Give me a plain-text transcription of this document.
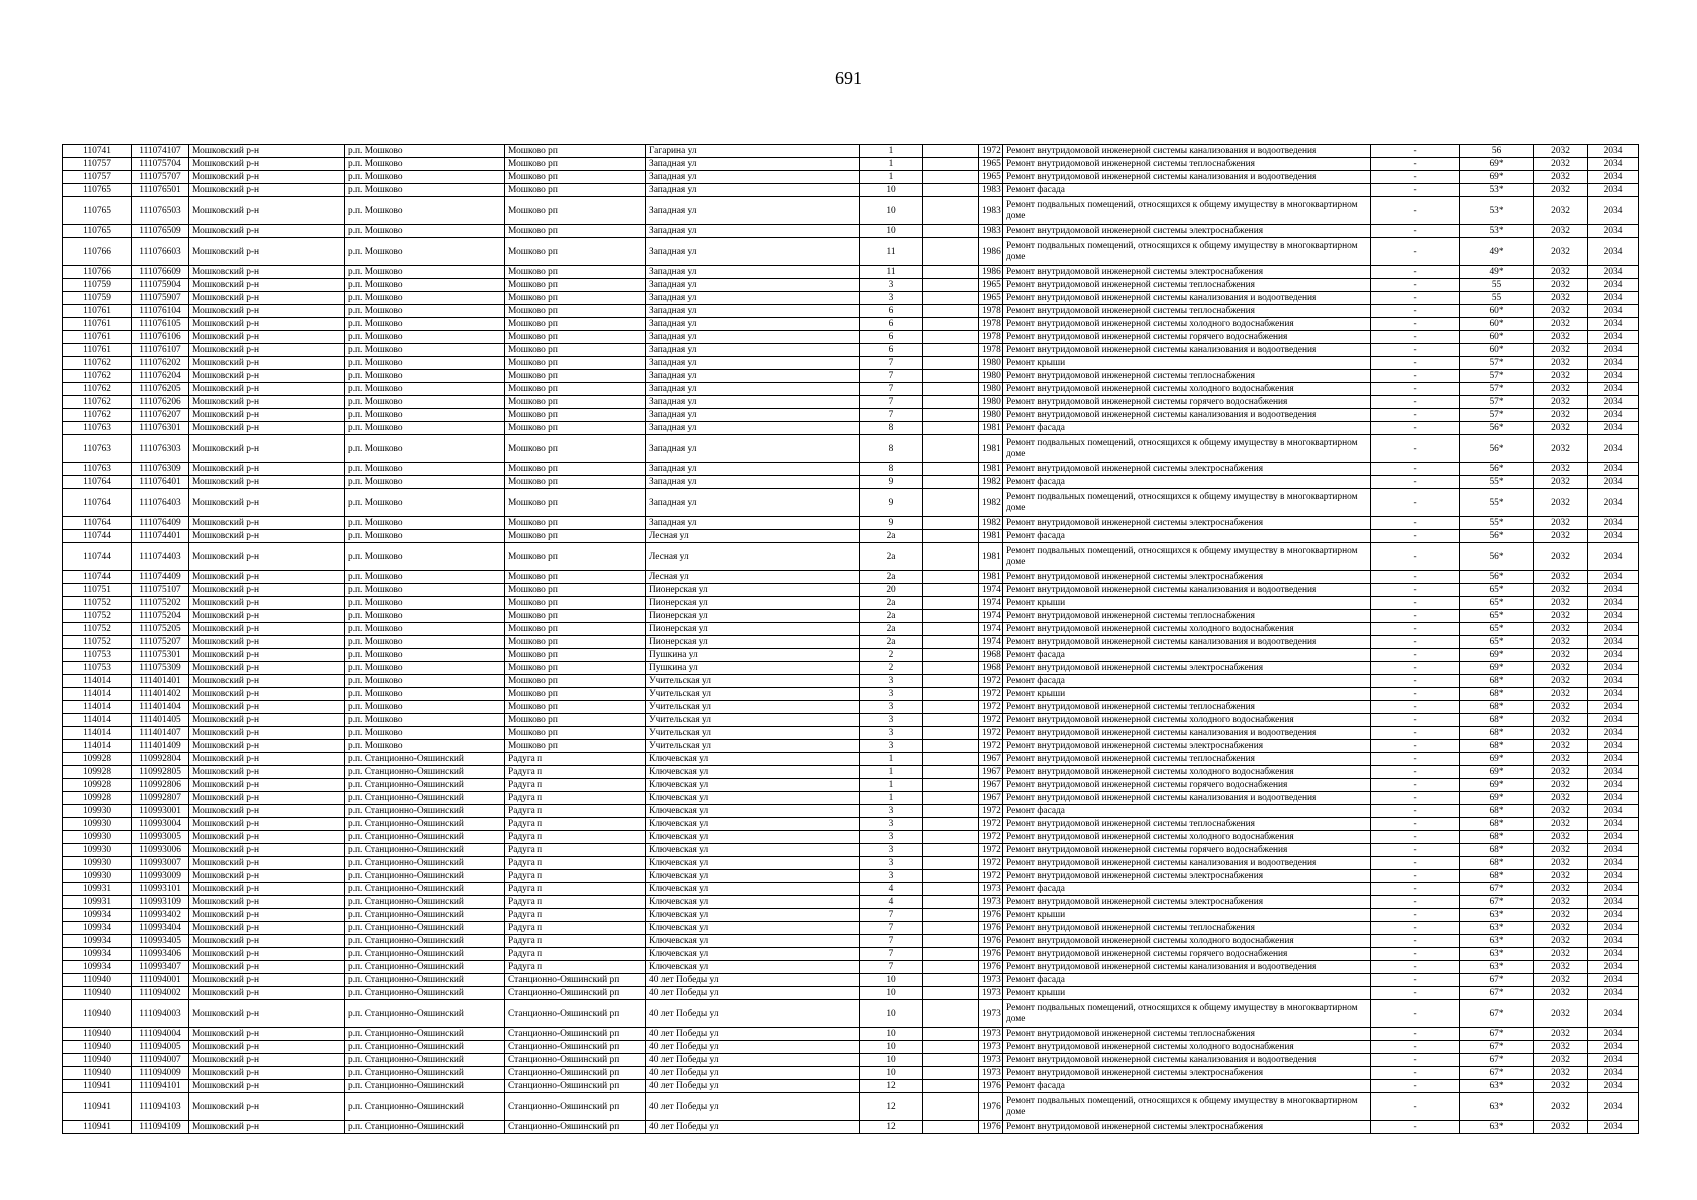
691
110741	111074107	Мошковский р-н	р.п. Мошково	Мошково рп	Гагарина ул	1		1972	Ремонт внутридомовой инженерной системы канализования и водоотведения	-	56	2032	2034
110757	111075704	Мошковский р-н	р.п. Мошково	Мошково рп	Западная ул	1		1965	Ремонт внутридомовой инженерной системы теплоснабжения	-	69*	2032	2034
110757	111075707	Мошковский р-н	р.п. Мошково	Мошково рп	Западная ул	1		1965	Ремонт внутридомовой инженерной системы канализования и водоотведения	-	69*	2032	2034
110765	111076501	Мошковский р-н	р.п. Мошково	Мошково рп	Западная ул	10		1983	Ремонт фасада	-	53*	2032	2034
110765	111076503	Мошковский р-н	р.п. Мошково	Мошково рп	Западная ул	10		1983	Ремонт подвальных помещений, относящихся к общему имуществу в многоквартирном доме	-	53*	2032	2034
110765	111076509	Мошковский р-н	р.п. Мошково	Мошково рп	Западная ул	10		1983	Ремонт внутридомовой инженерной системы электроснабжения	-	53*	2032	2034
110766	111076603	Мошковский р-н	р.п. Мошково	Мошково рп	Западная ул	11		1986	Ремонт подвальных помещений, относящихся к общему имуществу в многоквартирном доме	-	49*	2032	2034
110766	111076609	Мошковский р-н	р.п. Мошково	Мошково рп	Западная ул	11		1986	Ремонт внутридомовой инженерной системы электроснабжения	-	49*	2032	2034
110759	111075904	Мошковский р-н	р.п. Мошково	Мошково рп	Западная ул	3		1965	Ремонт внутридомовой инженерной системы теплоснабжения	-	55	2032	2034
110759	111075907	Мошковский р-н	р.п. Мошково	Мошково рп	Западная ул	3		1965	Ремонт внутридомовой инженерной системы канализования и водоотведения	-	55	2032	2034
110761	111076104	Мошковский р-н	р.п. Мошково	Мошково рп	Западная ул	6		1978	Ремонт внутридомовой инженерной системы теплоснабжения	-	60*	2032	2034
110761	111076105	Мошковский р-н	р.п. Мошково	Мошково рп	Западная ул	6		1978	Ремонт внутридомовой инженерной системы холодного водоснабжения	-	60*	2032	2034
110761	111076106	Мошковский р-н	р.п. Мошково	Мошково рп	Западная ул	6		1978	Ремонт внутридомовой инженерной системы горячего водоснабжения	-	60*	2032	2034
110761	111076107	Мошковский р-н	р.п. Мошково	Мошково рп	Западная ул	6		1978	Ремонт внутридомовой инженерной системы канализования и водоотведения	-	60*	2032	2034
110762	111076202	Мошковский р-н	р.п. Мошково	Мошково рп	Западная ул	7		1980	Ремонт крыши	-	57*	2032	2034
110762	111076204	Мошковский р-н	р.п. Мошково	Мошково рп	Западная ул	7		1980	Ремонт внутридомовой инженерной системы теплоснабжения	-	57*	2032	2034
110762	111076205	Мошковский р-н	р.п. Мошково	Мошково рп	Западная ул	7		1980	Ремонт внутридомовой инженерной системы холодного водоснабжения	-	57*	2032	2034
110762	111076206	Мошковский р-н	р.п. Мошково	Мошково рп	Западная ул	7		1980	Ремонт внутридомовой инженерной системы горячего водоснабжения	-	57*	2032	2034
110762	111076207	Мошковский р-н	р.п. Мошково	Мошково рп	Западная ул	7		1980	Ремонт внутридомовой инженерной системы канализования и водоотведения	-	57*	2032	2034
110763	111076301	Мошковский р-н	р.п. Мошково	Мошково рп	Западная ул	8		1981	Ремонт фасада	-	56*	2032	2034
110763	111076303	Мошковский р-н	р.п. Мошково	Мошково рп	Западная ул	8		1981	Ремонт подвальных помещений, относящихся к общему имуществу в многоквартирном доме	-	56*	2032	2034
110763	111076309	Мошковский р-н	р.п. Мошково	Мошково рп	Западная ул	8		1981	Ремонт внутридомовой инженерной системы электроснабжения	-	56*	2032	2034
110764	111076401	Мошковский р-н	р.п. Мошково	Мошково рп	Западная ул	9		1982	Ремонт фасада	-	55*	2032	2034
110764	111076403	Мошковский р-н	р.п. Мошково	Мошково рп	Западная ул	9		1982	Ремонт подвальных помещений, относящихся к общему имуществу в многоквартирном доме	-	55*	2032	2034
110764	111076409	Мошковский р-н	р.п. Мошково	Мошково рп	Западная ул	9		1982	Ремонт внутридомовой инженерной системы электроснабжения	-	55*	2032	2034
110744	111074401	Мошковский р-н	р.п. Мошково	Мошково рп	Лесная ул	2а		1981	Ремонт фасада	-	56*	2032	2034
110744	111074403	Мошковский р-н	р.п. Мошково	Мошково рп	Лесная ул	2а		1981	Ремонт подвальных помещений, относящихся к общему имуществу в многоквартирном доме	-	56*	2032	2034
110744	111074409	Мошковский р-н	р.п. Мошково	Мошково рп	Лесная ул	2а		1981	Ремонт внутридомовой инженерной системы электроснабжения	-	56*	2032	2034
110751	111075107	Мошковский р-н	р.п. Мошково	Мошково рп	Пионерская ул	20		1974	Ремонт внутридомовой инженерной системы канализования и водоотведения	-	65*	2032	2034
110752	111075202	Мошковский р-н	р.п. Мошково	Мошково рп	Пионерская ул	2а		1974	Ремонт крыши	-	65*	2032	2034
110752	111075204	Мошковский р-н	р.п. Мошково	Мошково рп	Пионерская ул	2а		1974	Ремонт внутридомовой инженерной системы теплоснабжения	-	65*	2032	2034
110752	111075205	Мошковский р-н	р.п. Мошково	Мошково рп	Пионерская ул	2а		1974	Ремонт внутридомовой инженерной системы холодного водоснабжения	-	65*	2032	2034
110752	111075207	Мошковский р-н	р.п. Мошково	Мошково рп	Пионерская ул	2а		1974	Ремонт внутридомовой инженерной системы канализования и водоотведения	-	65*	2032	2034
110753	111075301	Мошковский р-н	р.п. Мошково	Мошково рп	Пушкина ул	2		1968	Ремонт фасада	-	69*	2032	2034
110753	111075309	Мошковский р-н	р.п. Мошково	Мошково рп	Пушкина ул	2		1968	Ремонт внутридомовой инженерной системы электроснабжения	-	69*	2032	2034
114014	111401401	Мошковский р-н	р.п. Мошково	Мошково рп	Учительская ул	3		1972	Ремонт фасада	-	68*	2032	2034
114014	111401402	Мошковский р-н	р.п. Мошково	Мошково рп	Учительская ул	3		1972	Ремонт крыши	-	68*	2032	2034
114014	111401404	Мошковский р-н	р.п. Мошково	Мошково рп	Учительская ул	3		1972	Ремонт внутридомовой инженерной системы теплоснабжения	-	68*	2032	2034
114014	111401405	Мошковский р-н	р.п. Мошково	Мошково рп	Учительская ул	3		1972	Ремонт внутридомовой инженерной системы холодного водоснабжения	-	68*	2032	2034
114014	111401407	Мошковский р-н	р.п. Мошково	Мошково рп	Учительская ул	3		1972	Ремонт внутридомовой инженерной системы канализования и водоотведения	-	68*	2032	2034
114014	111401409	Мошковский р-н	р.п. Мошково	Мошково рп	Учительская ул	3		1972	Ремонт внутридомовой инженерной системы электроснабжения	-	68*	2032	2034
109928	110992804	Мошковский р-н	р.п. Станционно-Ояшинский	Радуга п	Ключевская ул	1		1967	Ремонт внутридомовой инженерной системы теплоснабжения	-	69*	2032	2034
109928	110992805	Мошковский р-н	р.п. Станционно-Ояшинский	Радуга п	Ключевская ул	1		1967	Ремонт внутридомовой инженерной системы холодного водоснабжения	-	69*	2032	2034
109928	110992806	Мошковский р-н	р.п. Станционно-Ояшинский	Радуга п	Ключевская ул	1		1967	Ремонт внутридомовой инженерной системы горячего водоснабжения	-	69*	2032	2034
109928	110992807	Мошковский р-н	р.п. Станционно-Ояшинский	Радуга п	Ключевская ул	1		1967	Ремонт внутридомовой инженерной системы канализования и водоотведения	-	69*	2032	2034
109930	110993001	Мошковский р-н	р.п. Станционно-Ояшинский	Радуга п	Ключевская ул	3		1972	Ремонт фасада	-	68*	2032	2034
109930	110993004	Мошковский р-н	р.п. Станционно-Ояшинский	Радуга п	Ключевская ул	3		1972	Ремонт внутридомовой инженерной системы теплоснабжения	-	68*	2032	2034
109930	110993005	Мошковский р-н	р.п. Станционно-Ояшинский	Радуга п	Ключевская ул	3		1972	Ремонт внутридомовой инженерной системы холодного водоснабжения	-	68*	2032	2034
109930	110993006	Мошковский р-н	р.п. Станционно-Ояшинский	Радуга п	Ключевская ул	3		1972	Ремонт внутридомовой инженерной системы горячего водоснабжения	-	68*	2032	2034
109930	110993007	Мошковский р-н	р.п. Станционно-Ояшинский	Радуга п	Ключевская ул	3		1972	Ремонт внутридомовой инженерной системы канализования и водоотведения	-	68*	2032	2034
109930	110993009	Мошковский р-н	р.п. Станционно-Ояшинский	Радуга п	Ключевская ул	3		1972	Ремонт внутридомовой инженерной системы электроснабжения	-	68*	2032	2034
109931	110993101	Мошковский р-н	р.п. Станционно-Ояшинский	Радуга п	Ключевская ул	4		1973	Ремонт фасада	-	67*	2032	2034
109931	110993109	Мошковский р-н	р.п. Станционно-Ояшинский	Радуга п	Ключевская ул	4		1973	Ремонт внутридомовой инженерной системы электроснабжения	-	67*	2032	2034
109934	110993402	Мошковский р-н	р.п. Станционно-Ояшинский	Радуга п	Ключевская ул	7		1976	Ремонт крыши	-	63*	2032	2034
109934	110993404	Мошковский р-н	р.п. Станционно-Ояшинский	Радуга п	Ключевская ул	7		1976	Ремонт внутридомовой инженерной системы теплоснабжения	-	63*	2032	2034
109934	110993405	Мошковский р-н	р.п. Станционно-Ояшинский	Радуга п	Ключевская ул	7		1976	Ремонт внутридомовой инженерной системы холодного водоснабжения	-	63*	2032	2034
109934	110993406	Мошковский р-н	р.п. Станционно-Ояшинский	Радуга п	Ключевская ул	7		1976	Ремонт внутридомовой инженерной системы горячего водоснабжения	-	63*	2032	2034
109934	110993407	Мошковский р-н	р.п. Станционно-Ояшинский	Радуга п	Ключевская ул	7		1976	Ремонт внутридомовой инженерной системы канализования и водоотведения	-	63*	2032	2034
110940	111094001	Мошковский р-н	р.п. Станционно-Ояшинский	Станционно-Ояшинский рп	40 лет Победы ул	10		1973	Ремонт фасада	-	67*	2032	2034
110940	111094002	Мошковский р-н	р.п. Станционно-Ояшинский	Станционно-Ояшинский рп	40 лет Победы ул	10		1973	Ремонт крыши	-	67*	2032	2034
110940	111094003	Мошковский р-н	р.п. Станционно-Ояшинский	Станционно-Ояшинский рп	40 лет Победы ул	10		1973	Ремонт подвальных помещений, относящихся к общему имуществу в многоквартирном доме	-	67*	2032	2034
110940	111094004	Мошковский р-н	р.п. Станционно-Ояшинский	Станционно-Ояшинский рп	40 лет Победы ул	10		1973	Ремонт внутридомовой инженерной системы теплоснабжения	-	67*	2032	2034
110940	111094005	Мошковский р-н	р.п. Станционно-Ояшинский	Станционно-Ояшинский рп	40 лет Победы ул	10		1973	Ремонт внутридомовой инженерной системы холодного водоснабжения	-	67*	2032	2034
110940	111094007	Мошковский р-н	р.п. Станционно-Ояшинский	Станционно-Ояшинский рп	40 лет Победы ул	10		1973	Ремонт внутридомовой инженерной системы канализования и водоотведения	-	67*	2032	2034
110940	111094009	Мошковский р-н	р.п. Станционно-Ояшинский	Станционно-Ояшинский рп	40 лет Победы ул	10		1973	Ремонт внутридомовой инженерной системы электроснабжения	-	67*	2032	2034
110941	111094101	Мошковский р-н	р.п. Станционно-Ояшинский	Станционно-Ояшинский рп	40 лет Победы ул	12		1976	Ремонт фасада	-	63*	2032	2034
110941	111094103	Мошковский р-н	р.п. Станционно-Ояшинский	Станционно-Ояшинский рп	40 лет Победы ул	12		1976	Ремонт подвальных помещений, относящихся к общему имуществу в многоквартирном доме	-	63*	2032	2034
110941	111094109	Мошковский р-н	р.п. Станционно-Ояшинский	Станционно-Ояшинский рп	40 лет Победы ул	12		1976	Ремонт внутридомовой инженерной системы электроснабжения	-	63*	2032	2034
